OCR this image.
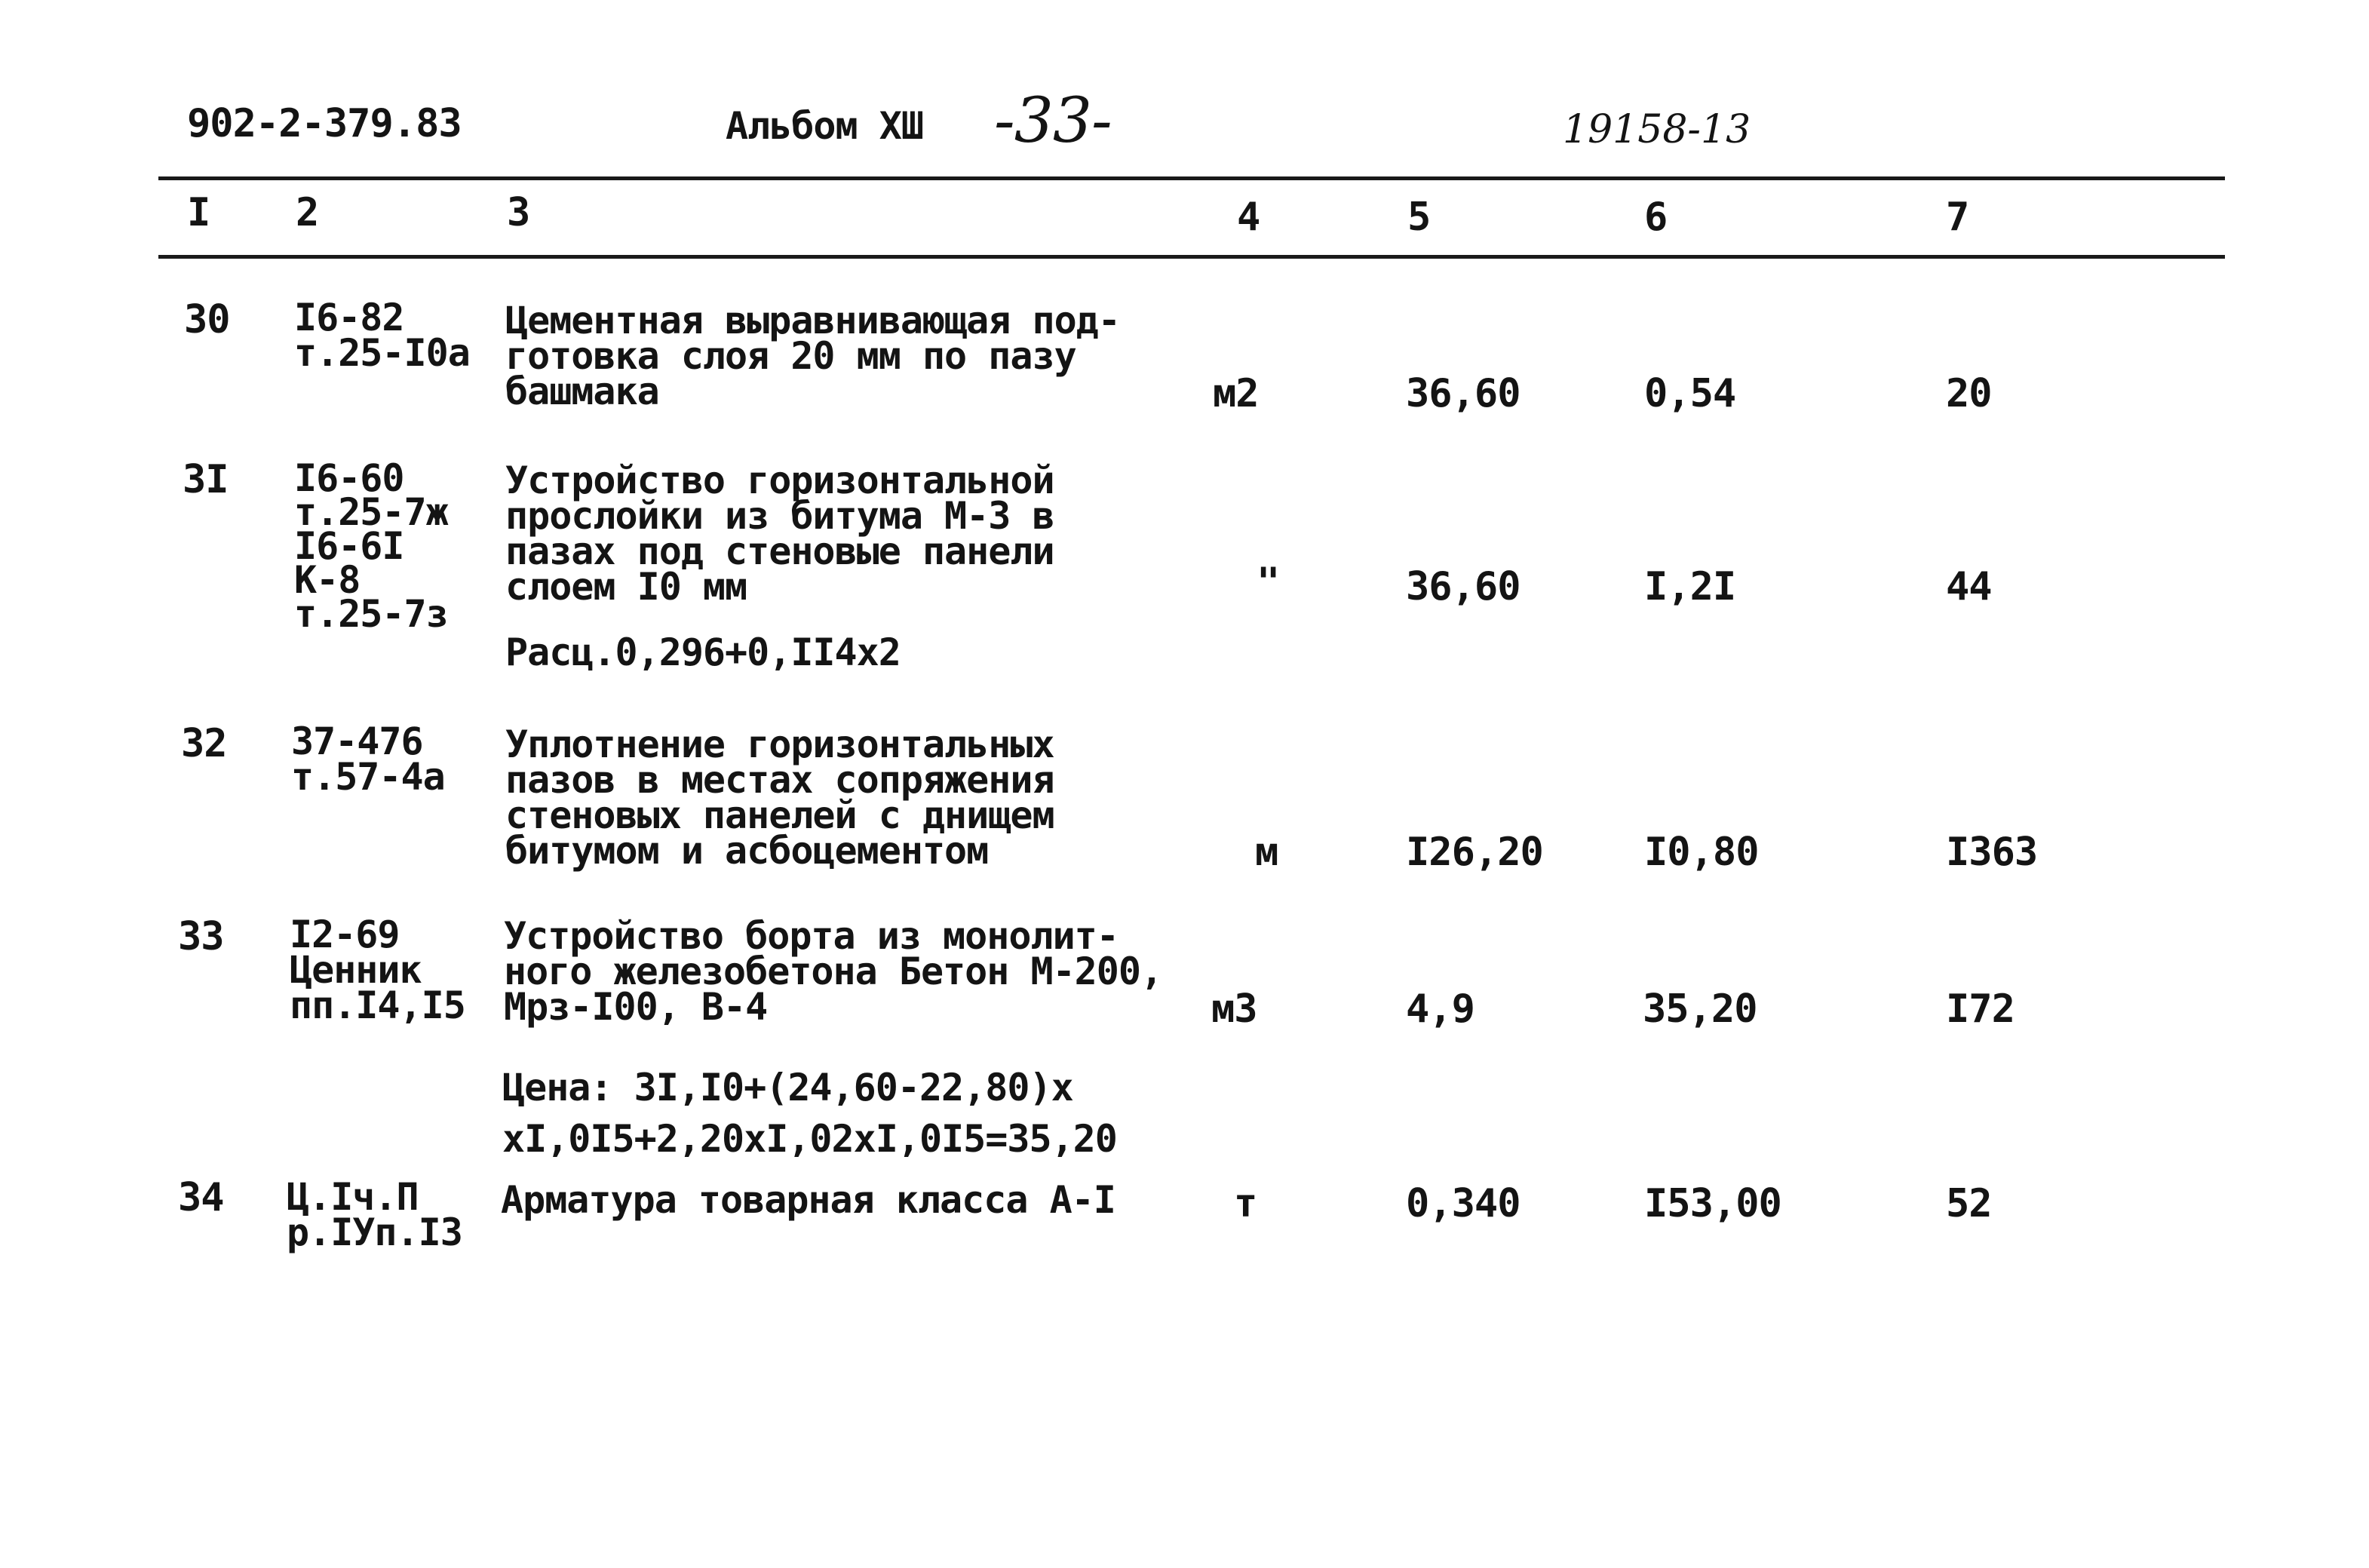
902-2-379.83	Альбом XШ -33-	19158-13
I 2	3	4	5	6	7
30 I6-82
т.25-I0a
Цементная выравнивающая под-
готовка слоя 20 мм по пазу
башмака	м2	36,60	0,54	20
3I I6-60
т.25-7ж
I6-6I
К-8
т.25-7з
Устройство горизонтальной
прослойки из битума М-3 в
пазах под стеновые панели
слоем I0 мм
Расц.0,296+0,II4x2
"	36,60	I,2I	44
32 37-476
т.57-4а
Уплотнение горизонтальных
пазов в местах сопряжения
стеновых панелей с днищем
битумом и асбоцементом	м	I26,20	I0,80	I363
33 I2-69
Ценник
пп.I4,I5
Устройство борта из монолит-
ного железобетона Бетон М-200,
Мрз-I00, В-4
Цена: 3I,I0+(24,60-22,80)x
xI,0I5+2,20xI,02xI,0I5=35,20
м3	4,9	35,20	I72
34 Ц.Iч.П
р.IУп.I3
Арматура товарная класса А-I	т	0,340	I53,00	52
